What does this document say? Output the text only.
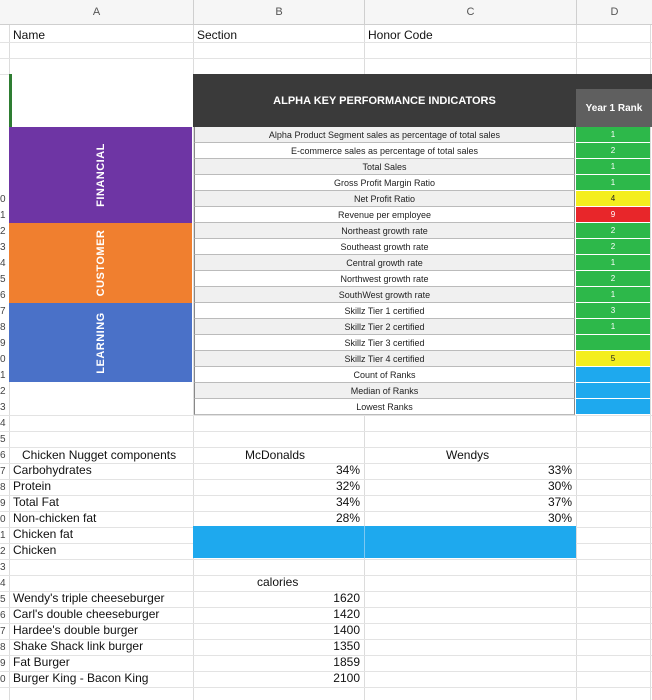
A	B	C	D
0
1
2
3
4
5
6
7
8
9
0
1
2
3
4
5
6
7
8
9
0
1
2
3
4
5
6
7
8
9
0
Name	Section	Honor Code
ALPHA KEY PERFORMANCE INDICATORS
Year 1 Rank
FINANCIAL
CUSTOMER
LEARNING
Alpha Product Segment sales as percentage of total sales	1
E-commerce sales as percentage of total sales	2
Total Sales	1
Gross Profit Margin Ratio	1
Net Profit Ratio	4
Revenue per employee	9
Northeast growth rate	2
Southeast growth rate	2
Central growth rate	1
Northwest growth rate	2
SouthWest growth rate	1
Skillz Tier 1 certified	3
Skillz Tier 2 certified	1
Skillz Tier 3 certified
Skillz Tier 4 certified	5
Count of Ranks
Median of Ranks
Lowest Ranks
Chicken Nugget components	McDonalds	Wendys
Carbohydrates	34%	33%
Protein	32%	30%
Total Fat	34%	37%
Non-chicken fat	28%	30%
Chicken fat
Chicken
calories
Wendy's triple cheeseburger	1620
Carl's double cheeseburger	1420
Hardee's double burger	1400
Shake Shack link burger	1350
Fat Burger	1859
Burger King - Bacon King	2100
